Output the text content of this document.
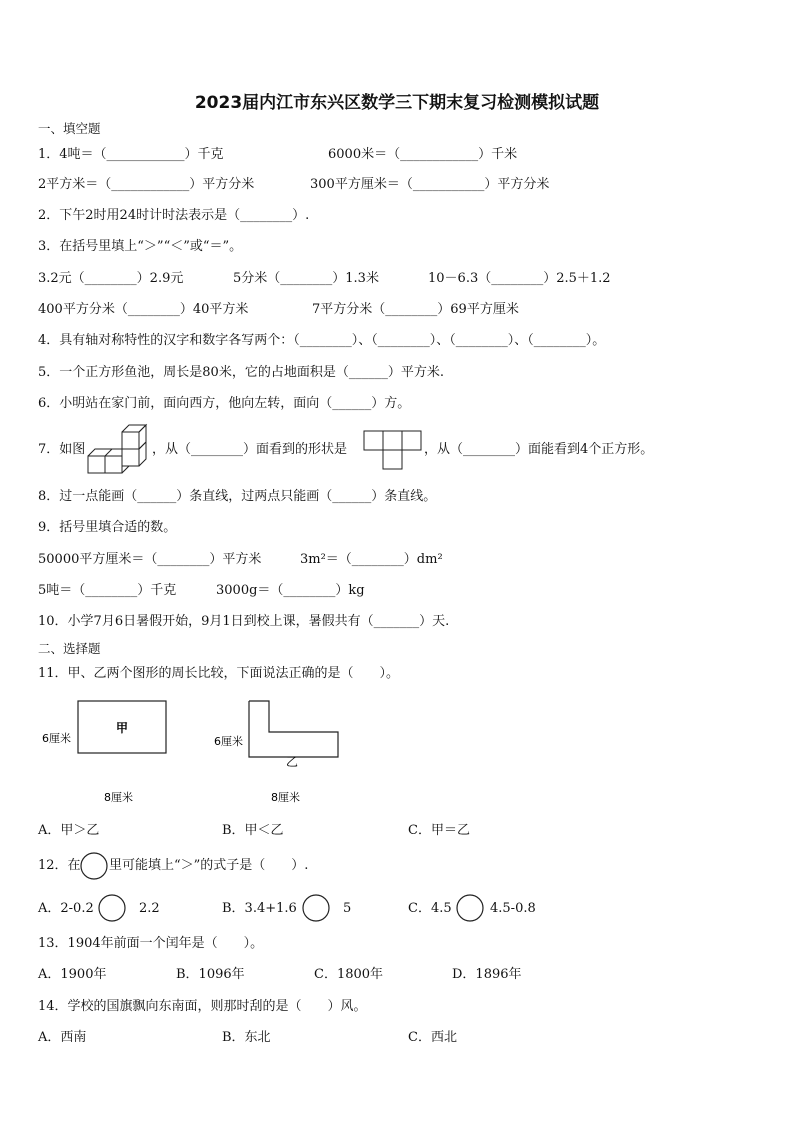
2023届内江市东兴区数学三下期末复习检测模拟试题
一、填空题
1．4吨＝（____________）千克	6000米＝（____________）千米
2平方米＝（____________）平方分米	300平方厘米＝（___________）平方分米
2．下午2时用24时计时法表示是（________）.
3．在括号里填上“＞”“＜”或“＝”。
3.2元（________）2.9元	5分米（________）1.3米	10－6.3（________）2.5＋1.2
400平方分米（________）40平方米	7平方分米（________）69平方厘米
4．具有轴对称特性的汉字和数字各写两个：（________）、（________）、（________）、（________）。
5．一个正方形鱼池，周长是80米，它的占地面积是（______）平方米.
6．小明站在家门前，面向西方，他向左转，面向（______）方。
7．如图	，从（________）面看到的形状是	，从（________）面能看到4个正方形。
8．过一点能画（______）条直线，过两点只能画（______）条直线。
9．括号里填合适的数。
50000平方厘米＝（________）平方米	3m²＝（________）dm²
5吨＝（________）千克	3000g＝（________）kg
10．小学7月6日暑假开始，9月1日到校上课，暑假共有（_______）天.
二、选择题
11．甲、乙两个图形的周长比较，下面说法正确的是（　　）。
甲
6厘米
8厘米
乙
6厘米
8厘米
A．甲＞乙	B．甲＜乙	C．甲＝乙
12．在 里可能填上“＞”的式子是（　　）.
A．2-0.2	2.2	B．3.4+1.6	5	C．4.5	4.5-0.8
13．1904年前面一个闰年是（　　）。
A．1900年	B．1096年	C．1800年	D．1896年
14．学校的国旗飘向东南面，则那时刮的是（　　）风。
A．西南	B．东北	C．西北
